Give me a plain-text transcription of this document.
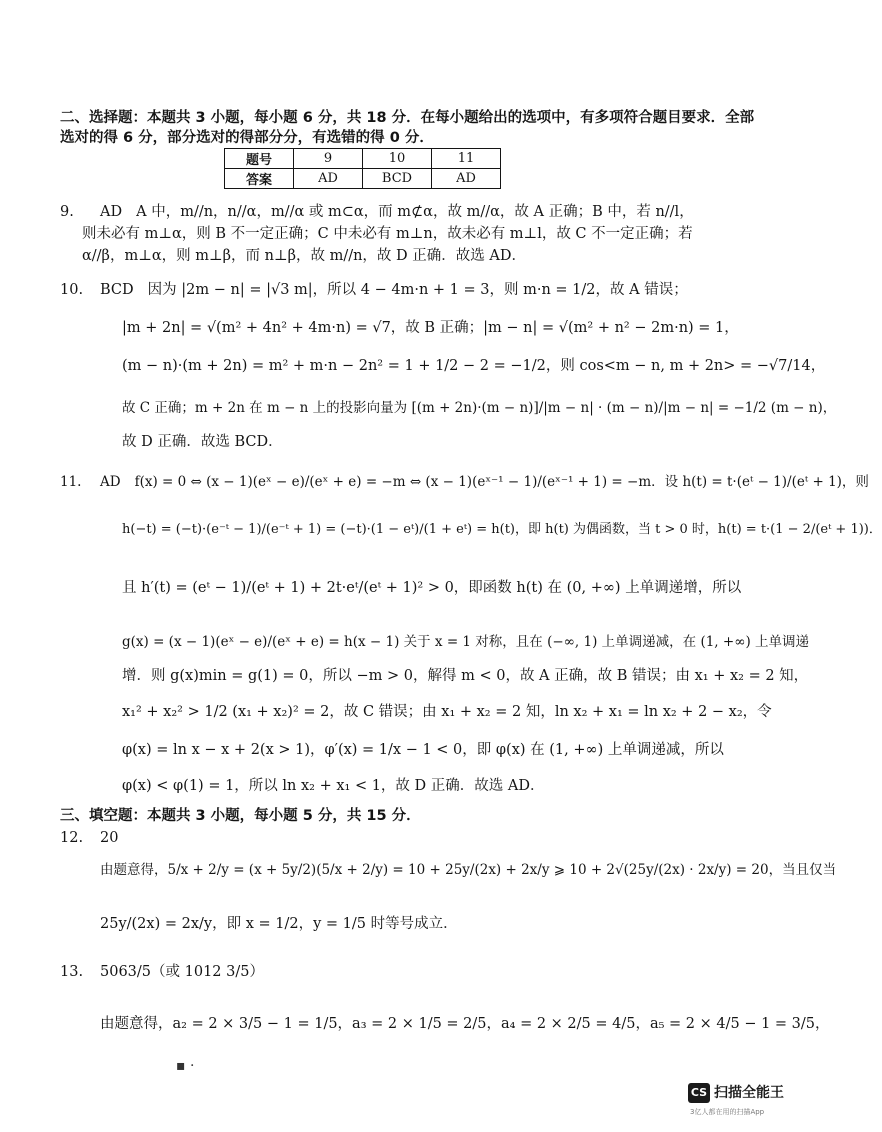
二、选择题：本题共 3 小题，每小题 6 分，共 18 分．在每小题给出的选项中，有多项符合题目要求．全部
选对的得 6 分，部分选对的得部分分，有选错的得 0 分．
题号	9	10	11
答案	AD	BCD	AD
9. AD A 中，m//n，n//α，m//α 或 m⊂α，而 m⊄α，故 m//α，故 A 正确；B 中，若 n//l，
则未必有 m⊥α，则 B 不一定正确；C 中未必有 m⊥n，故未必有 m⊥l，故 C 不一定正确；若
α//β，m⊥α，则 m⊥β，而 n⊥β，故 m//n，故 D 正确．故选 AD．
10. BCD 因为 |2m − n| = |√3 m|，所以 4 − 4m·n + 1 = 3，则 m·n = 1/2，故 A 错误；
|m + 2n| = √(m² + 4n² + 4m·n) = √7，故 B 正确；|m − n| = √(m² + n² − 2m·n) = 1，
(m − n)·(m + 2n) = m² + m·n − 2n² = 1 + 1/2 − 2 = −1/2，则 cos<m − n, m + 2n> = −√7/14，
故 C 正确；m + 2n 在 m − n 上的投影向量为 [(m + 2n)·(m − n)]/|m − n| · (m − n)/|m − n| = −1/2 (m − n)，
故 D 正确．故选 BCD．
11. AD f(x) = 0 ⇔ (x − 1)(eˣ − e)/(eˣ + e) = −m ⇔ (x − 1)(eˣ⁻¹ − 1)/(eˣ⁻¹ + 1) = −m．设 h(t) = t·(eᵗ − 1)/(eᵗ + 1)，则
h(−t) = (−t)·(e⁻ᵗ − 1)/(e⁻ᵗ + 1) = (−t)·(1 − eᵗ)/(1 + eᵗ) = h(t)，即 h(t) 为偶函数，当 t > 0 时，h(t) = t·(1 − 2/(eᵗ + 1))．
且 h′(t) = (eᵗ − 1)/(eᵗ + 1) + 2t·eᵗ/(eᵗ + 1)² > 0，即函数 h(t) 在 (0, +∞) 上单调递增，所以
g(x) = (x − 1)(eˣ − e)/(eˣ + e) = h(x − 1) 关于 x = 1 对称，且在 (−∞, 1) 上单调递减，在 (1, +∞) 上单调递
增．则 g(x)min = g(1) = 0，所以 −m > 0，解得 m < 0，故 A 正确，故 B 错误；由 x₁ + x₂ = 2 知，
x₁² + x₂² > 1/2 (x₁ + x₂)² = 2，故 C 错误；由 x₁ + x₂ = 2 知，ln x₂ + x₁ = ln x₂ + 2 − x₂，令
φ(x) = ln x − x + 2(x > 1)，φ′(x) = 1/x − 1 < 0，即 φ(x) 在 (1, +∞) 上单调递减，所以
φ(x) < φ(1) = 1，所以 ln x₂ + x₁ < 1，故 D 正确．故选 AD．
三、填空题：本题共 3 小题，每小题 5 分，共 15 分．
12. 20
由题意得，5/x + 2/y = (x + 5y/2)(5/x + 2/y) = 10 + 25y/(2x) + 2x/y ⩾ 10 + 2√(25y/(2x) · 2x/y) = 20，当且仅当
25y/(2x) = 2x/y，即 x = 1/2，y = 1/5 时等号成立．
13. 5063/5（或 1012 3/5）
由题意得，a₂ = 2 × 3/5 − 1 = 1/5，a₃ = 2 × 1/5 = 2/5，a₄ = 2 × 2/5 = 4/5，a₅ = 2 × 4/5 − 1 = 3/5，
▪ ·
CS 扫描全能王
3亿人都在用的扫描App
